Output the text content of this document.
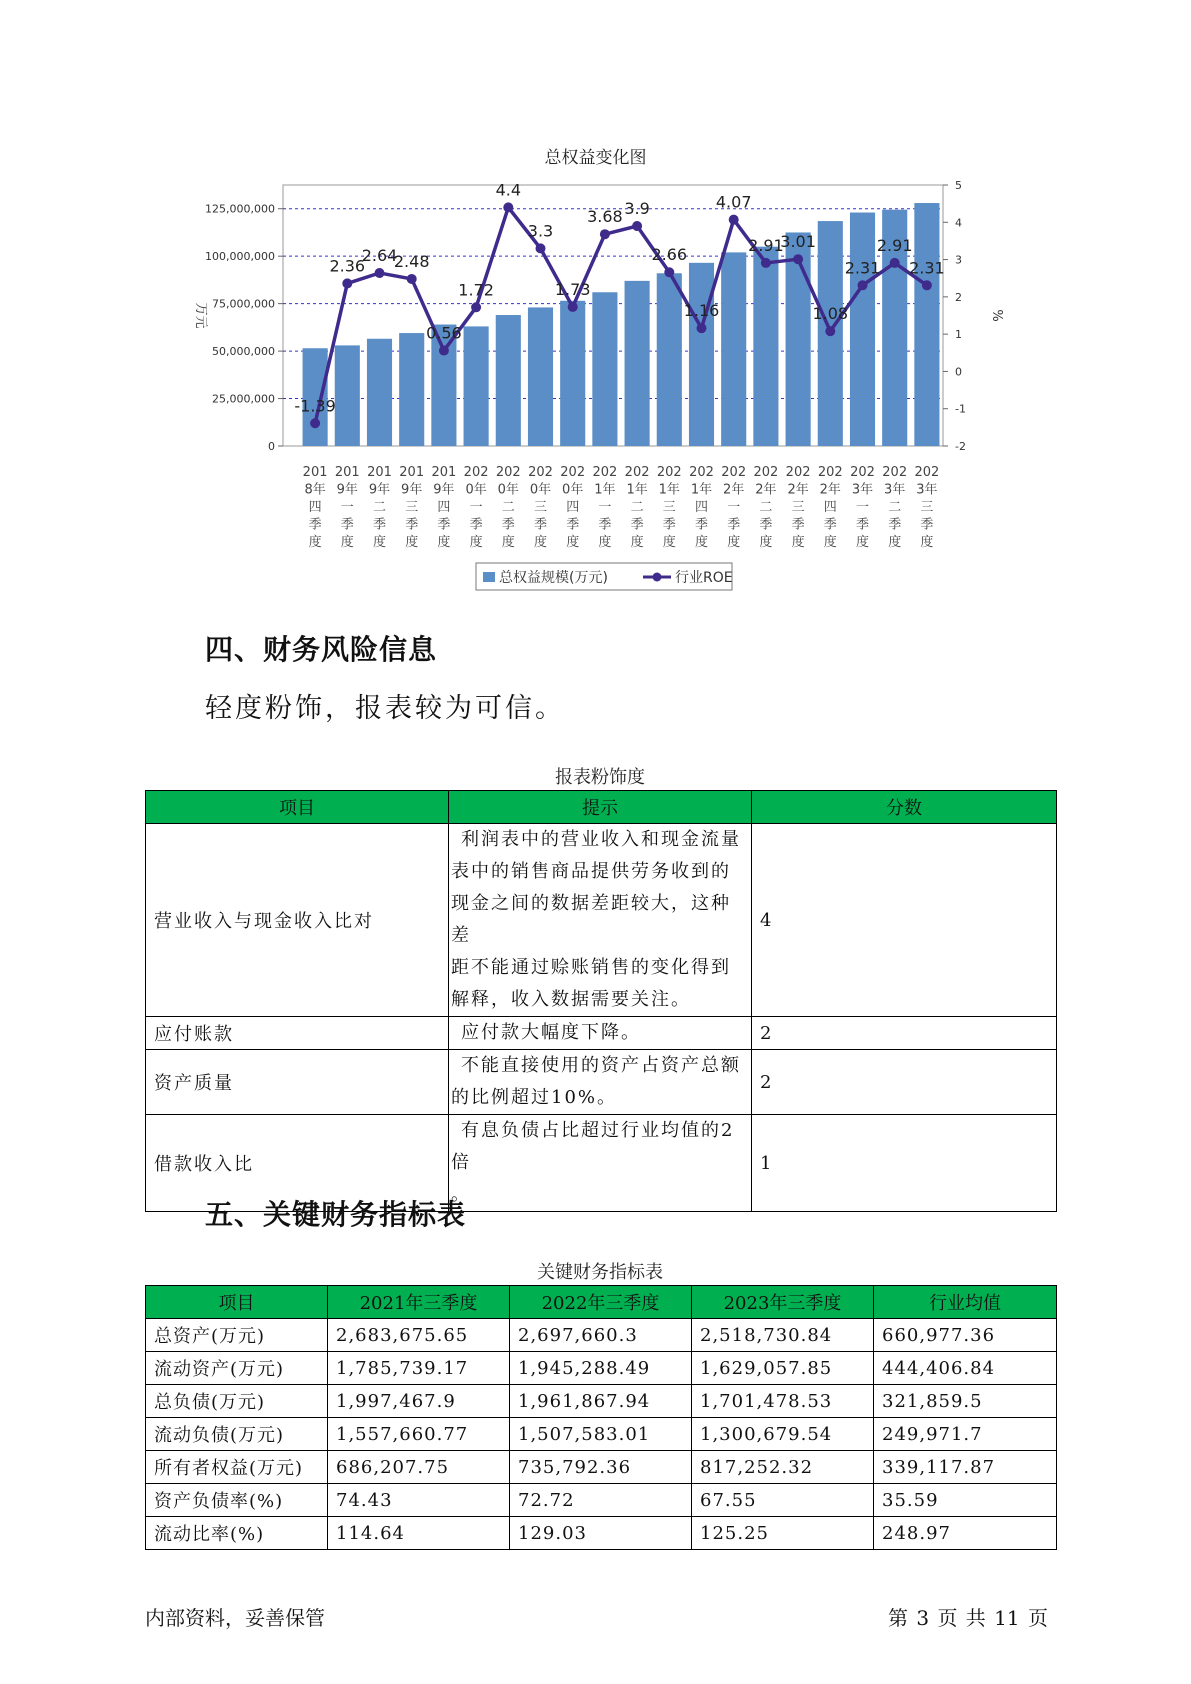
总权益变化图
0
25,000,000
50,000,000
75,000,000
100,000,000
125,000,000
-2
-1
0
1
2
3
4
5
万元	%
-1.39
2.36
2.64
2.48
0.56
1.72
4.4
3.3
1.73
3.68 3.9
2.66
1.16
4.07
2.91
3.01
1.08
2.31
2.91
2.31
201
8年
四
季
度
201
9年
一
季
度
201
9年
二
季
度
201
9年
三
季
度
201
9年
四
季
度
202
0年
一
季
度
202
0年
二
季
度
202
0年
三
季
度
202
0年
四
季
度
202
1年
一
季
度
202
1年
二
季
度
202
1年
三
季
度
202
1年
四
季
度
202
2年
一
季
度
202
2年
二
季
度
202
2年
三
季
度
202
2年
四
季
度
202
3年
一
季
度
202
3年
二
季
度
202
3年
三
季
度
总权益规模(万元)	行业ROE
四、财务风险信息
轻度粉饰，报表较为可信。
报表粉饰度
项目	提示	分数
营业收入与现金收入比对	利润表中的营业收入和现金流量
表中的销售商品提供劳务收到的
现金之间的数据差距较大，这种差
距不能通过赊账销售的变化得到
解释，收入数据需要关注。	4
应付账款	应付款大幅度下降。	2
资产质量	不能直接使用的资产占资产总额
的比例超过10%。	2
借款收入比	有息负债占比超过行业均值的2倍
。	1
五、关键财务指标表
关键财务指标表
项目	2021年三季度	2022年三季度	2023年三季度	行业均值
总资产(万元)	2,683,675.65	2,697,660.3	2,518,730.84	660,977.36
流动资产(万元)	1,785,739.17	1,945,288.49	1,629,057.85	444,406.84
总负债(万元)	1,997,467.9	1,961,867.94	1,701,478.53	321,859.5
流动负债(万元)	1,557,660.77	1,507,583.01	1,300,679.54	249,971.7
所有者权益(万元)	686,207.75	735,792.36	817,252.32	339,117.87
资产负债率(%)	74.43	72.72	67.55	35.59
流动比率(%)	114.64	129.03	125.25	248.97
内部资料，妥善保管	第 3 页 共 11 页
